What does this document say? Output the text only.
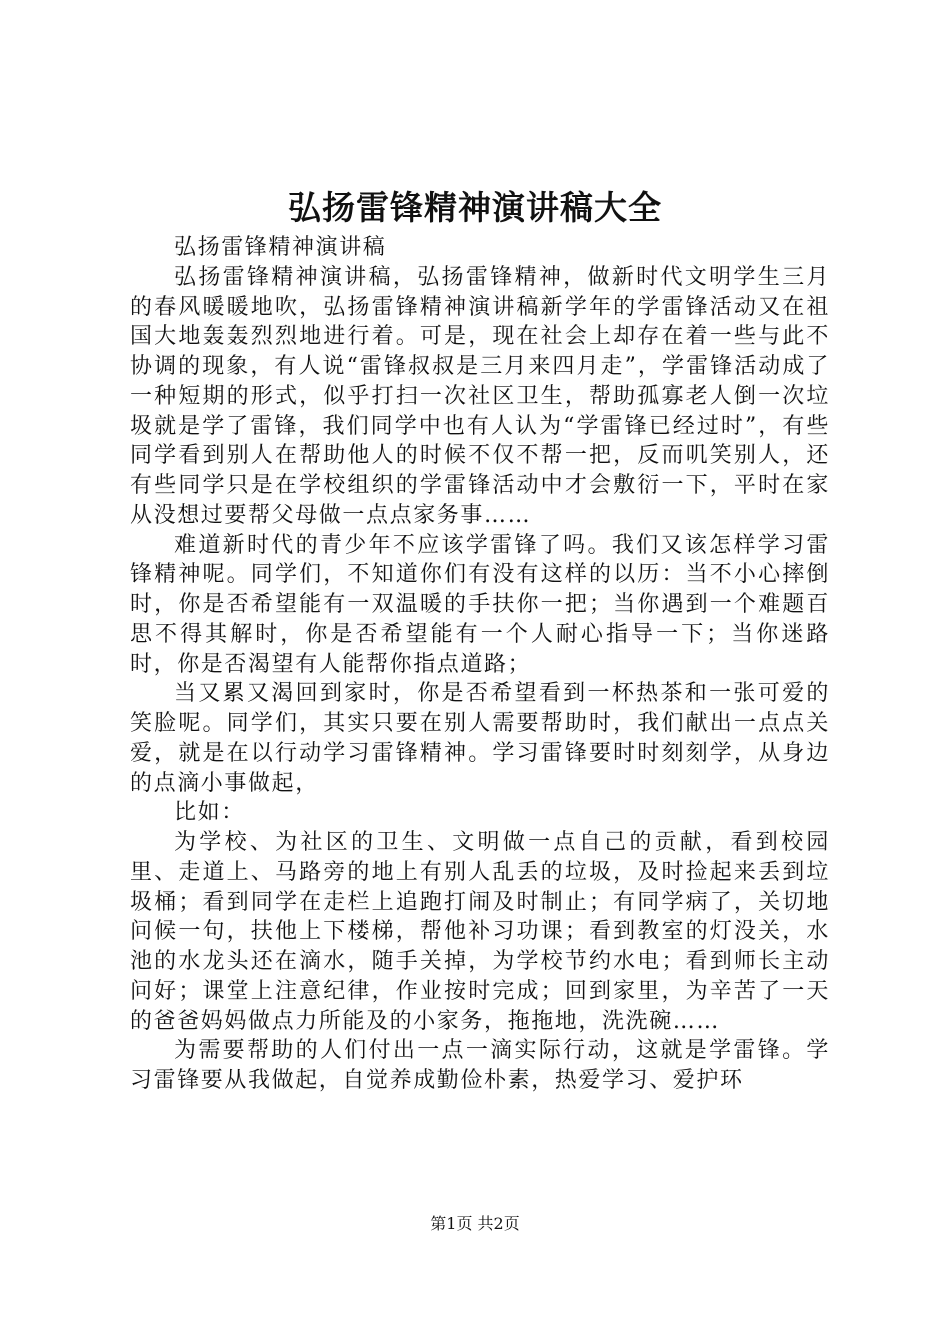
弘扬雷锋精神演讲稿大全

弘扬雷锋精神演讲稿

弘扬雷锋精神演讲稿，弘扬雷锋精神，做新时代文明学生三月的春风暖暖地吹，弘扬雷锋精神演讲稿新学年的学雷锋活动又在祖国大地轰轰烈烈地进行着。可是，现在社会上却存在着一些与此不协调的现象，有人说“雷锋叔叔是三月来四月走”，学雷锋活动成了一种短期的形式，似乎打扫一次社区卫生，帮助孤寡老人倒一次垃圾就是学了雷锋，我们同学中也有人认为“学雷锋已经过时”，有些同学看到别人在帮助他人的时候不仅不帮一把，反而叽笑别人，还有些同学只是在学校组织的学雷锋活动中才会敷衍一下，平时在家从没想过要帮父母做一点点家务事……

难道新时代的青少年不应该学雷锋了吗。我们又该怎样学习雷锋精神呢。同学们，不知道你们有没有这样的以历：当不小心摔倒时，你是否希望能有一双温暖的手扶你一把；当你遇到一个难题百思不得其解时，你是否希望能有一个人耐心指导一下；当你迷路时，你是否渴望有人能帮你指点道路；

当又累又渴回到家时，你是否希望看到一杯热茶和一张可爱的笑脸呢。同学们，其实只要在别人需要帮助时，我们献出一点点关爱，就是在以行动学习雷锋精神。学习雷锋要时时刻刻学，从身边的点滴小事做起，

比如：

为学校、为社区的卫生、文明做一点自己的贡献，看到校园里、走道上、马路旁的地上有别人乱丢的垃圾，及时捡起来丢到垃圾桶；看到同学在走栏上追跑打闹及时制止；有同学病了，关切地问候一句，扶他上下楼梯，帮他补习功课；看到教室的灯没关，水池的水龙头还在滴水，随手关掉，为学校节约水电；看到师长主动问好；课堂上注意纪律，作业按时完成；回到家里，为辛苦了一天的爸爸妈妈做点力所能及的小家务，拖拖地，洗洗碗……

为需要帮助的人们付出一点一滴实际行动，这就是学雷锋。学习雷锋要从我做起，自觉养成勤俭朴素，热爱学习、爱护环

第1页 共2页
